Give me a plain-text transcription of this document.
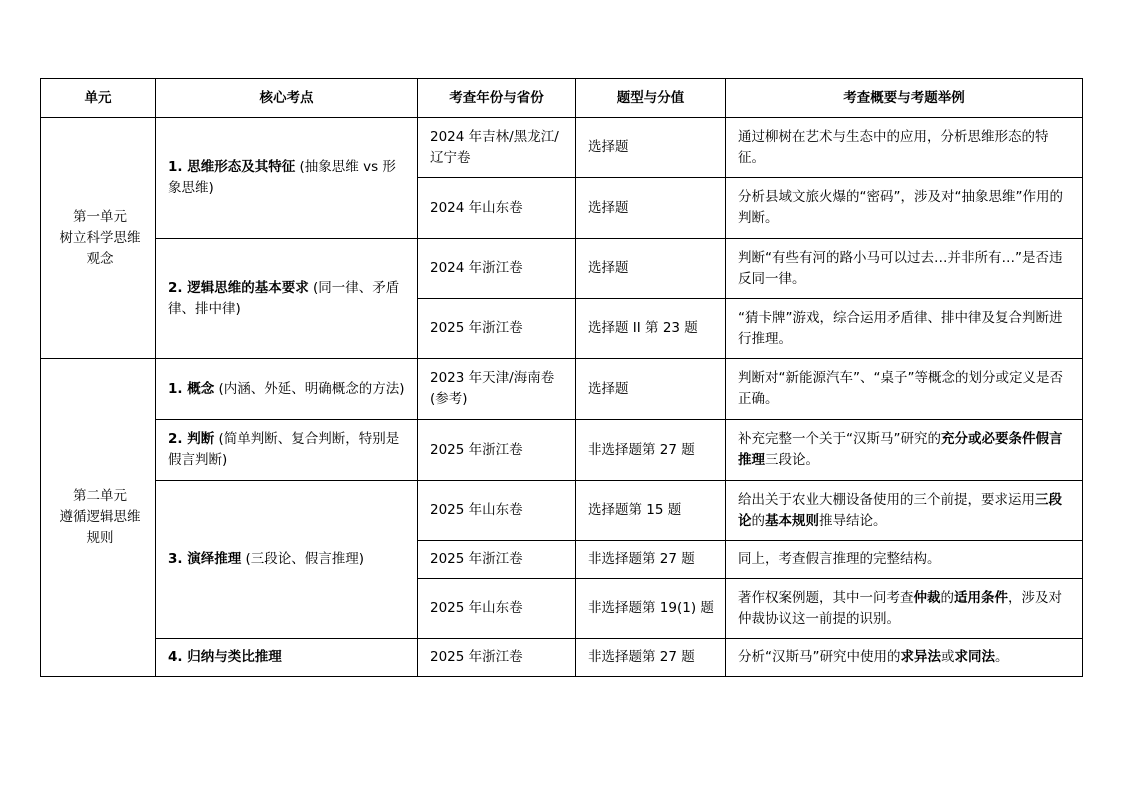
单元	核心考点	考查年份与省份	题型与分值	考查概要与考题举例

第一单元
树立科学思维观念	1. 思维形态及其特征 (抽象思维 vs 形象思维)	2024 年吉林/黑龙江/辽宁卷	选择题	通过柳树在艺术与生态中的应用，分析思维形态的特征。
		2024 年山东卷	选择题	分析县域文旅火爆的“密码”，涉及对“抽象思维”作用的判断。
	2. 逻辑思维的基本要求 (同一律、矛盾律、排中律)	2024 年浙江卷	选择题	判断“有些有河的路小马可以过去…并非所有…”是否违反同一律。
		2025 年浙江卷	选择题 II 第 23 题	“猜卡牌”游戏，综合运用矛盾律、排中律及复合判断进行推理。

第二单元
遵循逻辑思维规则	1. 概念 (内涵、外延、明确概念的方法)	2023 年天津/海南卷 (参考)	选择题	判断对“新能源汽车”、“桌子”等概念的划分或定义是否正确。
	2. 判断 (简单判断、复合判断，特别是假言判断)	2025 年浙江卷	非选择题第 27 题	补充完整一个关于“汉斯马”研究的充分或必要条件假言推理三段论。
	3. 演绎推理 (三段论、假言推理)	2025 年山东卷	选择题第 15 题	给出关于农业大棚设备使用的三个前提，要求运用三段论的基本规则推导结论。
		2025 年浙江卷	非选择题第 27 题	同上，考查假言推理的完整结构。
		2025 年山东卷	非选择题第 19(1) 题	著作权案例题，其中一问考查仲裁的适用条件，涉及对仲裁协议这一前提的识别。
	4. 归纳与类比推理	2025 年浙江卷	非选择题第 27 题	分析“汉斯马”研究中使用的求异法或求同法。
